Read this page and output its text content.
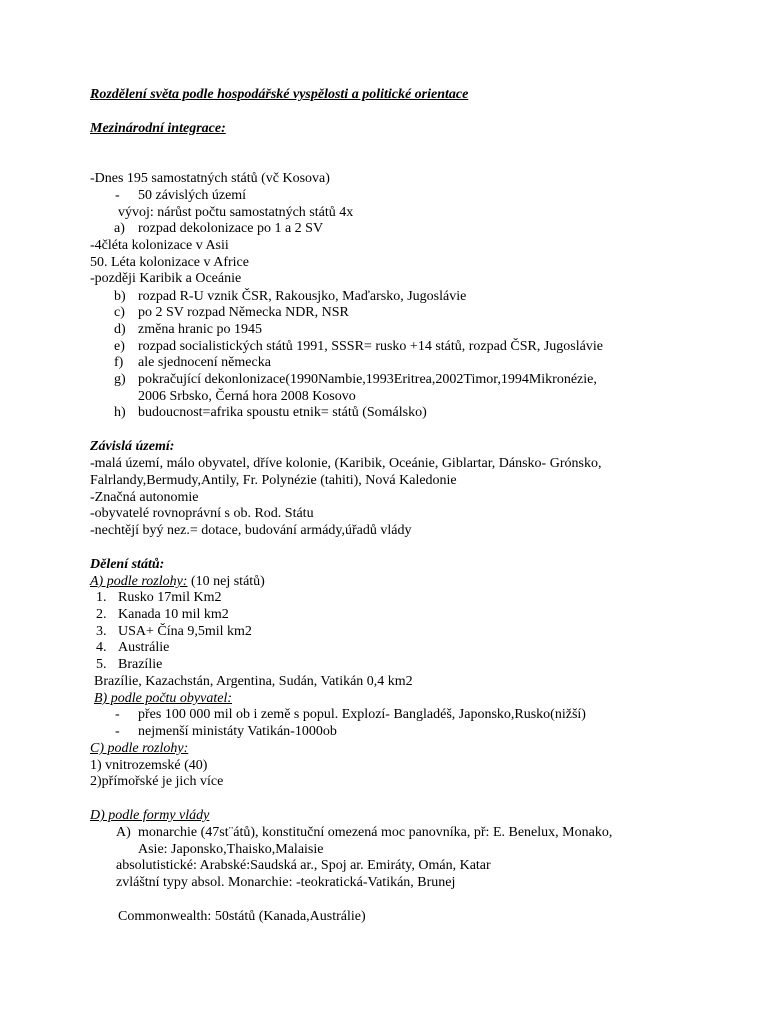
Rozdělení světa podle hospodářské vyspělosti a politické orientace
Mezinárodní integrace:
-Dnes 195 samostatných států (vč Kosova)
- 50 závislých území
vývoj: nárůst počtu samostatných států 4x
a) rozpad dekolonizace po 1 a 2 SV
-4čléta kolonizace v Asii
50. Léta kolonizace v Africe
-později Karibik a Oceánie
b) rozpad R-U vznik ČSR, Rakousjko, Maďarsko, Jugoslávie
c) po 2 SV rozpad Německa NDR, NSR
d) změna hranic po 1945
e) rozpad socialistických států 1991, SSSR= rusko +14 států, rozpad ČSR, Jugoslávie
f) ale sjednocení německa
g) pokračující dekonlonizace(1990Nambie,1993Eritrea,2002Timor,1994Mikronézie,
2006 Srbsko, Černá hora 2008 Kosovo
h) budoucnost=afrika spoustu etnik= států (Somálsko)
Závislá území:
-malá území, málo obyvatel, dříve kolonie, (Karibik, Oceánie, Giblartar, Dánsko- Grónsko,
Falrlandy,Bermudy,Antily, Fr. Polynézie (tahiti), Nová Kaledonie
-Značná autonomie
-obyvatelé rovnoprávní s ob. Rod. Státu
-nechtějí byý nez.= dotace, budování armády,úřadů vlády
Dělení států:
A) podle rozlohy: (10 nej států)
1. Rusko 17mil Km2
2. Kanada 10 mil km2
3. USA+ Čína 9,5mil km2
4. Austrálie
5. Brazílie
Brazílie, Kazachstán, Argentina, Sudán, Vatikán 0,4 km2
B) podle počtu obyvatel:
- přes 100 000 mil ob i země s popul. Explozí- Bangladéš, Japonsko,Rusko(nižší)
- nejmenší ministáty Vatikán-1000ob
C) podle rozlohy:
1) vnitrozemské (40)
2)přímořské je jich více
D) podle formy vlády
A) monarchie (47st¨átů), konstituční omezená moc panovníka, př: E. Benelux, Monako,
Asie: Japonsko,Thaisko,Malaisie
absolutistické: Arabské:Saudská ar., Spoj ar. Emiráty, Omán, Katar
zvláštní typy absol. Monarchie: -teokratická-Vatikán, Brunej
Commonwealth: 50států (Kanada,Austrálie)
